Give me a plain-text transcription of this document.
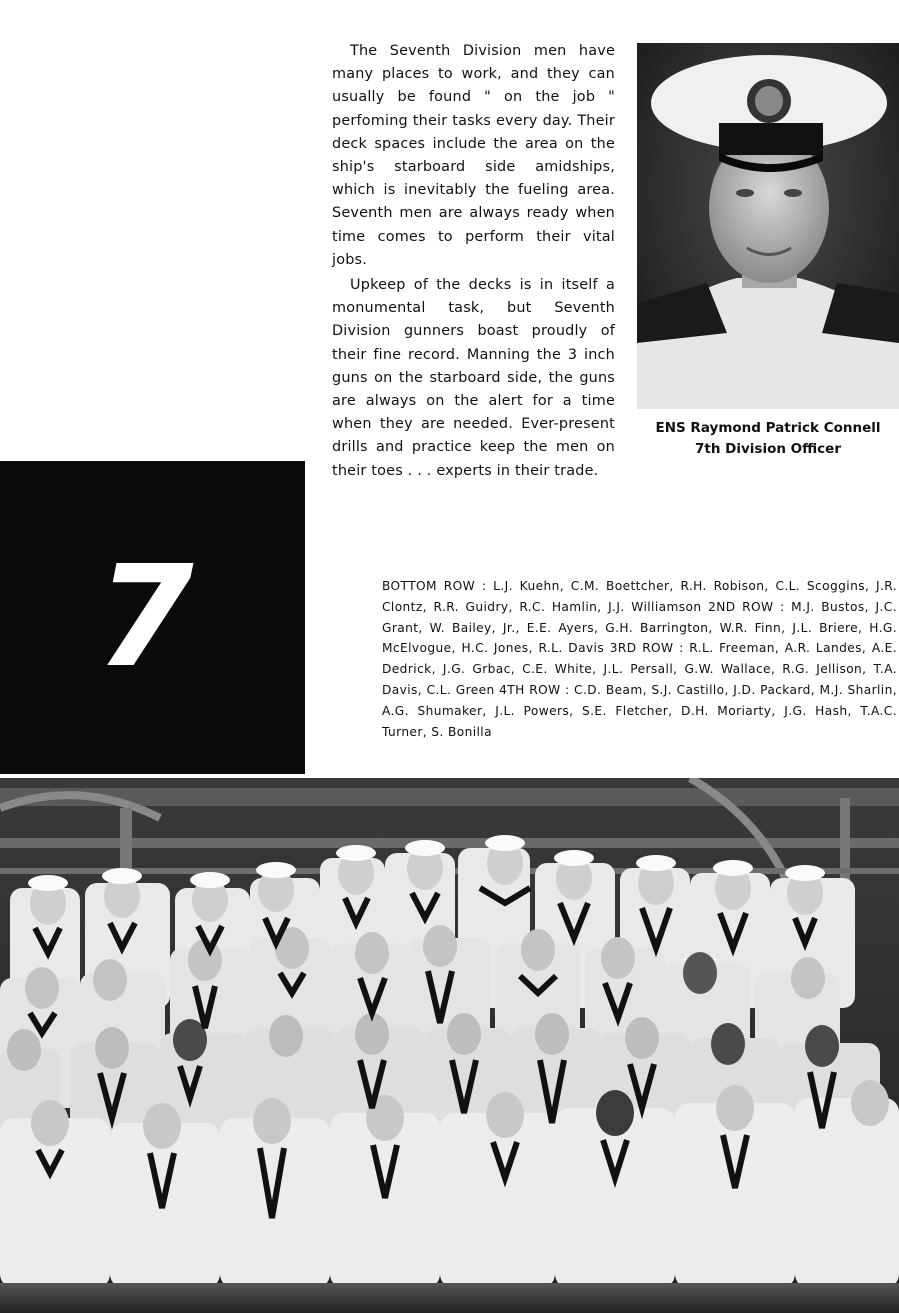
The Seventh Division men have many places to work, and they can usually be found " on the job " perfoming their tasks every day. Their deck spaces include the area on the ship's starboard side amidships, which is inevitably the fueling area. Seventh men are always ready when time comes to perform their vital jobs.

Upkeep of the decks is in itself a monumental task, but Seventh Division gunners boast proudly of their fine record. Manning the 3 inch guns on the starboard side, the guns are always on the alert for a time when they are needed. Ever-present drills and practice keep the men on their toes . . . experts in their trade.

ENS Raymond Patrick Connell
7th Division Officer
7	BOTTOM ROW : L.J. Kuehn, C.M. Boettcher, R.H. Robison, C.L. Scoggins, J.R. Clontz, R.R. Guidry, R.C. Hamlin, J.J. Williamson 2ND ROW : M.J. Bustos, J.C. Grant, W. Bailey, Jr., E.E. Ayers, G.H. Barrington, W.R. Finn, J.L. Briere, H.G. McElvogue, H.C. Jones, R.L. Davis 3RD ROW : R.L. Freeman, A.R. Landes, A.E. Dedrick, J.G. Grbac, C.E. White, J.L. Persall, G.W. Wallace, R.G. Jellison, T.A. Davis, C.L. Green 4TH ROW : C.D. Beam, S.J. Castillo, J.D. Packard, M.J. Sharlin, A.G. Shumaker, J.L. Powers, S.E. Fletcher, D.H. Moriarty, J.G. Hash, T.A.C. Turner, S. Bonilla
